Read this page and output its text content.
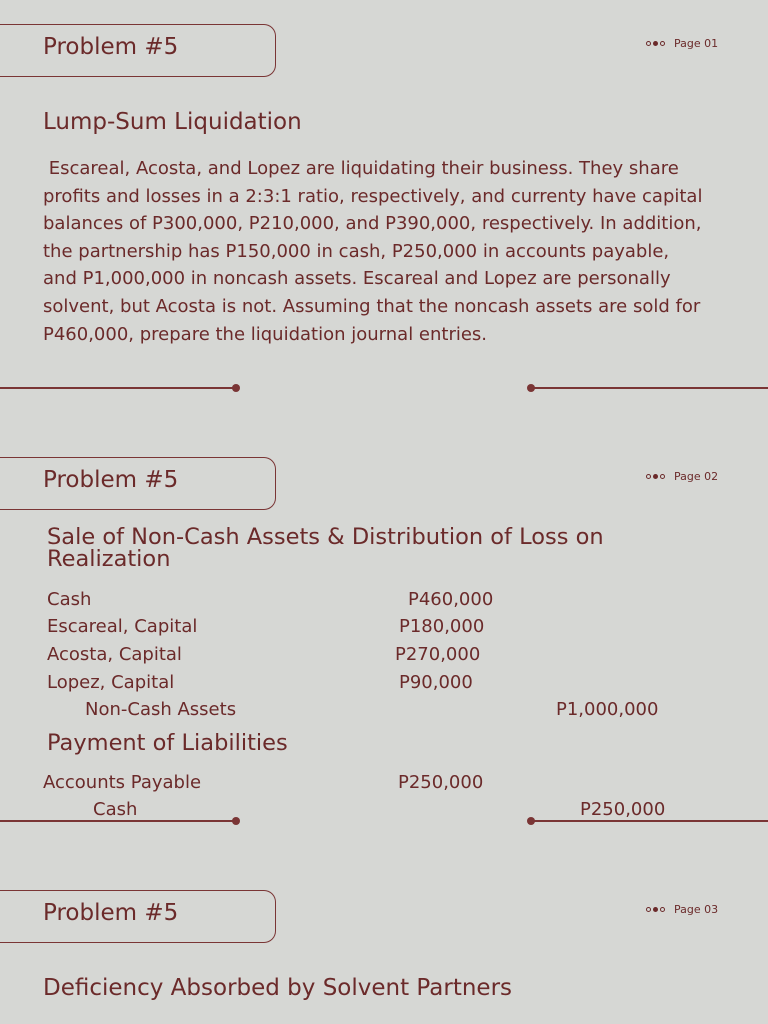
Problem #5	Page 01
Lump-Sum Liquidation
Escareal, Acosta, and Lopez are liquidating their business. They share profits and losses in a 2:3:1 ratio, respectively, and currenty have capital balances of P300,000, P210,000, and P390,000, respectively. In addition, the partnership has P150,000 in cash, P250,000 in accounts payable, and P1,000,000 in noncash assets. Escareal and Lopez are personally solvent, but Acosta is not. Assuming that the noncash assets are sold for P460,000, prepare the liquidation journal entries.
Problem #5	Page 02
Sale of Non-Cash Assets & Distribution of Loss on Realization
Cash	P460,000
Escareal, Capital	P180,000
Acosta, Capital	P270,000
Lopez, Capital	P90,000
Non-Cash Assets	P1,000,000
Payment of Liabilities
Accounts Payable	P250,000
Cash	P250,000
Problem #5	Page 03
Deficiency Absorbed by Solvent Partners
